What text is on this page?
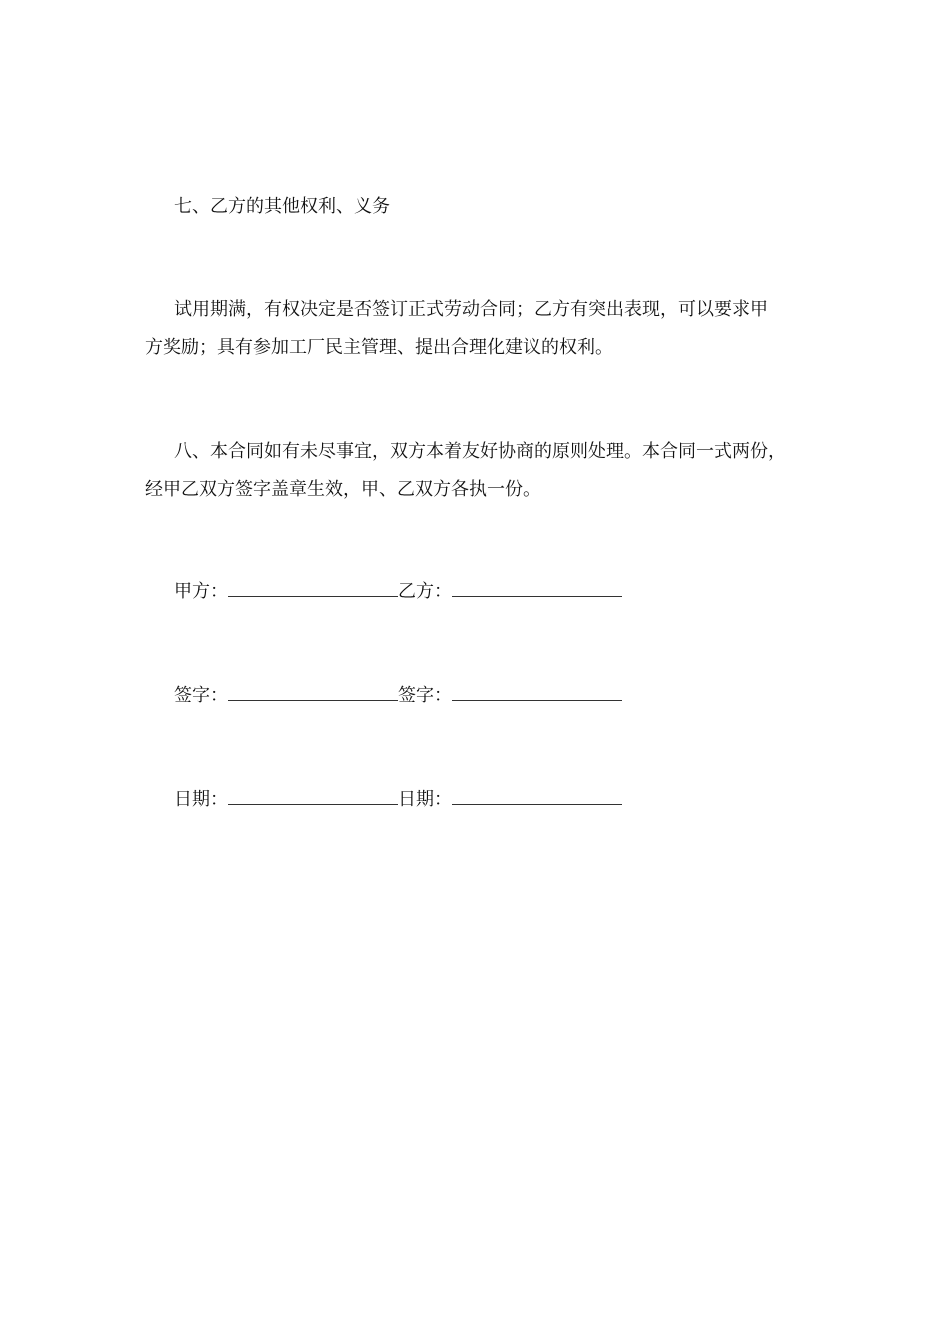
七、乙方的其他权利、义务
试用期满，有权决定是否签订正式劳动合同；乙方有突出表现，可以要求甲
方奖励；具有参加工厂民主管理、提出合理化建议的权利。
八、本合同如有未尽事宜，双方本着友好协商的原则处理。本合同一式两份，
经甲乙双方签字盖章生效，甲、乙双方各执一份。
甲方：	乙方：
签字：	签字：
日期：	日期：
